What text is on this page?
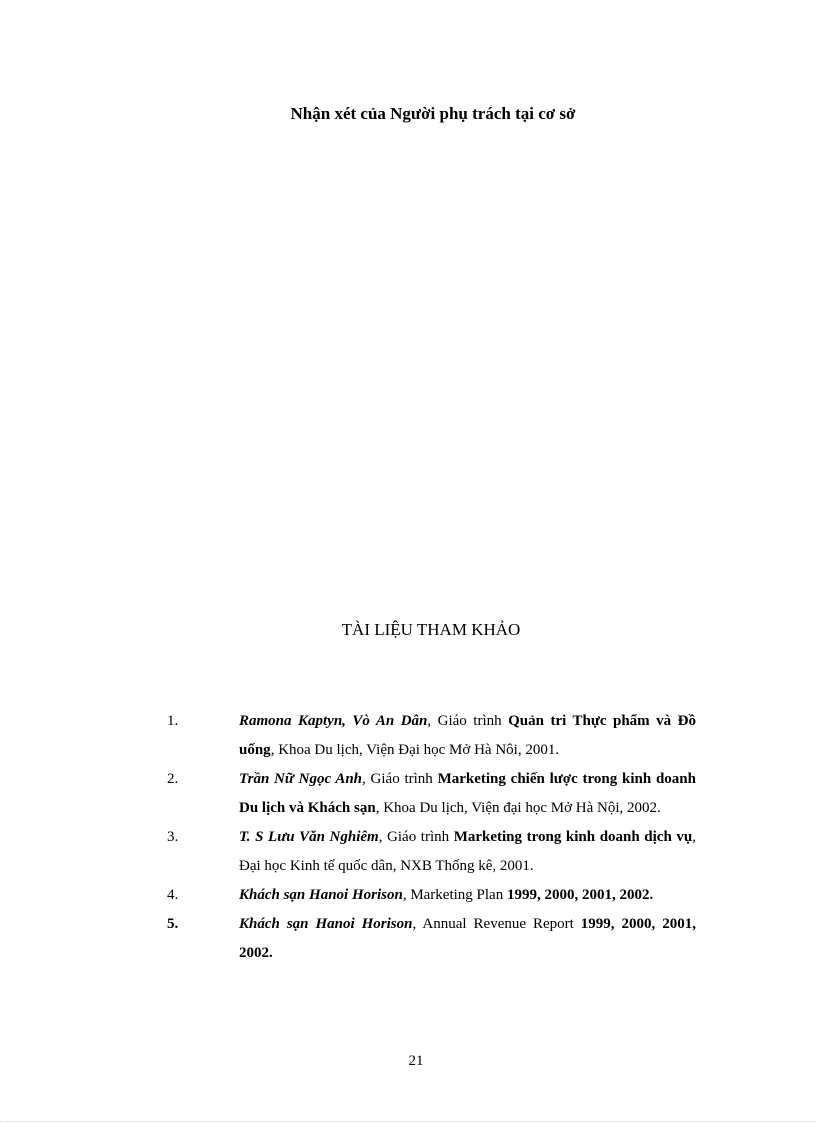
Nhận xét của Người phụ trách tại cơ sở
TÀI LIỆU THAM KHẢO
1.	Ramona Kaptyn, Vò An Dân, Giáo trình Quản tri Thực phẩm và Đồ uống, Khoa Du lịch, Viện Đại học Mở Hà Nôi, 2001.
2.	Trần Nữ Ngọc Anh, Giáo trình Marketing chiến lược trong kinh doanh Du lịch và Khách sạn, Khoa Du lịch, Viện đại học Mở Hà Nội, 2002.
3.	T. S Lưu Văn Nghiêm, Giáo trình Marketing trong kinh doanh dịch vụ, Đại học Kinh tế quốc dân, NXB Thống kê, 2001.
4.	Khách sạn Hanoi Horison, Marketing Plan 1999, 2000, 2001, 2002.
5.	Khách sạn Hanoi Horison, Annual Revenue Report 1999, 2000, 2001, 2002.
21
